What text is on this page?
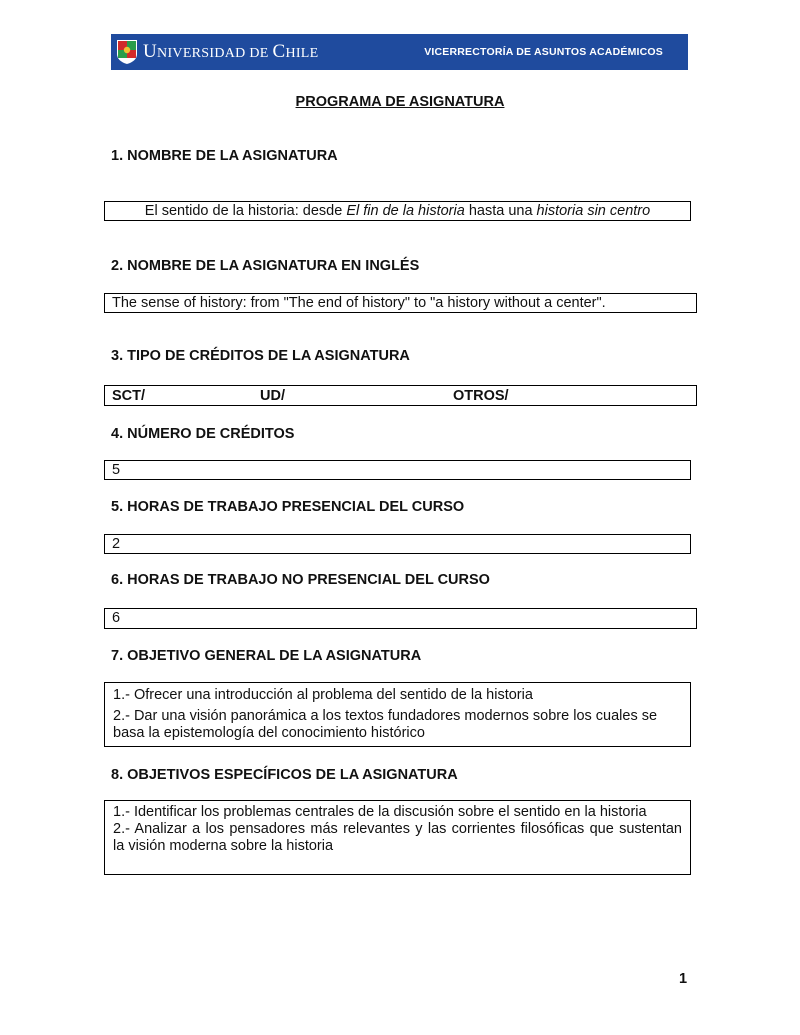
UNIVERSIDAD DE CHILE	VICERRECTORÍA DE ASUNTOS ACADÉMICOS
PROGRAMA DE ASIGNATURA
1. NOMBRE DE LA ASIGNATURA
El sentido de la historia: desde El fin de la historia hasta una historia sin centro
2. NOMBRE DE LA ASIGNATURA EN INGLÉS
The sense of history: from "The end of history" to "a history without a center".
3. TIPO DE CRÉDITOS DE LA ASIGNATURA
SCT/	UD/	OTROS/
4. NÚMERO DE CRÉDITOS
5
5. HORAS DE TRABAJO PRESENCIAL DEL CURSO
2
6. HORAS DE TRABAJO NO PRESENCIAL DEL CURSO
6
7. OBJETIVO GENERAL DE LA ASIGNATURA

1.- Ofrecer una introducción al problema del sentido de la historia

2.- Dar una visión panorámica a los textos fundadores modernos sobre los cuales se basa la epistemología del conocimiento histórico

8. OBJETIVOS ESPECÍFICOS DE LA ASIGNATURA

1.- Identificar los problemas centrales de la discusión sobre el sentido en la historia

2.- Analizar a los pensadores más relevantes y las corrientes filosóficas que sustentan la visión moderna sobre la historia

1
